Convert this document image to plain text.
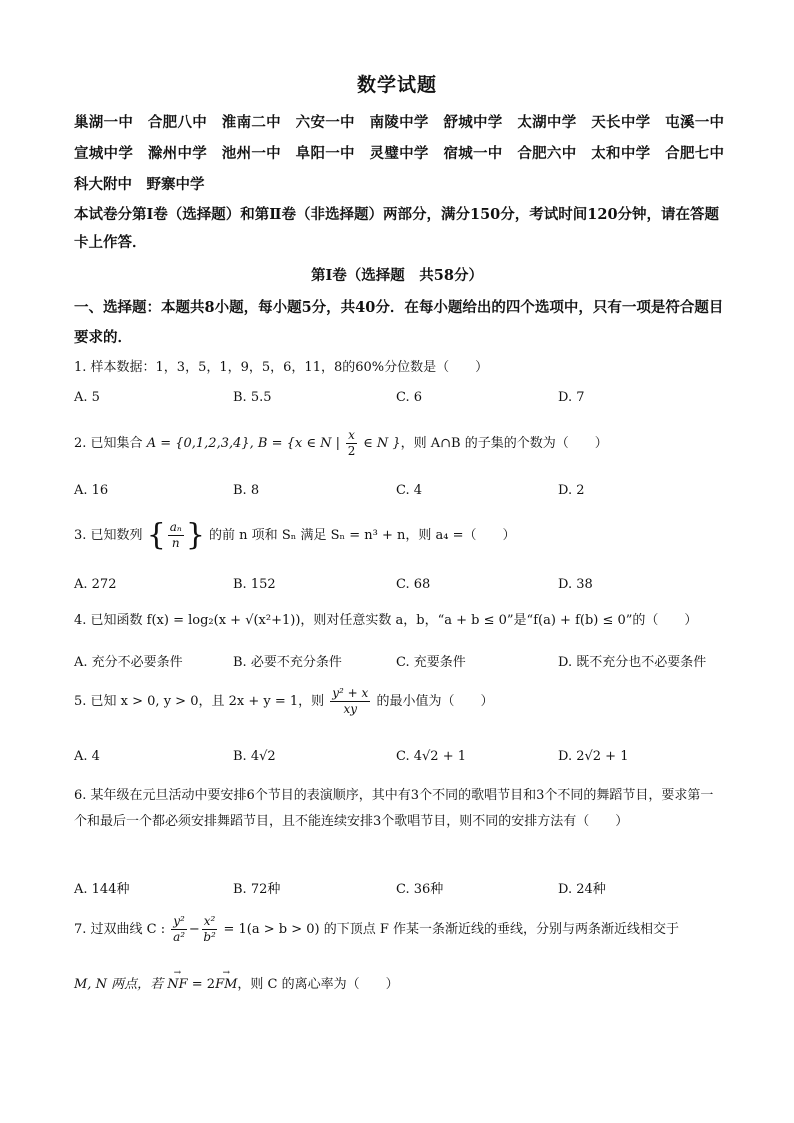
数学试题
巢湖一中　合肥八中　淮南二中　六安一中　南陵中学　舒城中学　太湖中学　天长中学　屯溪一中　宣城中学　滁州中学　池州一中　阜阳一中　灵璧中学　宿城一中　合肥六中　太和中学　合肥七中　科大附中　野寨中学
本试卷分第Ⅰ卷（选择题）和第Ⅱ卷（非选择题）两部分，满分150分，考试时间120分钟，请在答题卡上作答．
第Ⅰ卷（选择题　共58分）
一、选择题：本题共8小题，每小题5分，共40分．在每小题给出的四个选项中，只有一项是符合题目要求的．
1. 样本数据：1，3，5，1，9，5，6，11，8的60%分位数是（　　）
A. 5	B. 5.5	C. 6	D. 7
2. 已知集合 A = {0,1,2,3,4}, B = {x ∈ N | $\frac{x}{2}$ ∈ N }，则 A∩B 的子集的个数为（　　）
A. 16	B. 8	C. 4	D. 2
3. 已知数列 { $\frac{\text{aₙ}}{n}$ } 的前 n 项和 Sₙ 满足 Sₙ = n³ + n，则 a₄ =（　　）
A. 272	B. 152	C. 68	D. 38
4. 已知函数 f(x) = log₂(x + √(x²+1))，则对任意实数 a，b，“a + b ≤ 0”是“f(a) + f(b) ≤ 0”的（　　）
A. 充分不必要条件	B. 必要不充分条件	C. 充要条件	D. 既不充分也不必要条件
5. 已知 x > 0, y > 0，且 2x + y = 1，则 $\frac{\text{y² + x}}{xy}$ 的最小值为（　　）
A. 4	B. 4√2	C. 4√2 + 1	D. 2√2 + 1
6. 某年级在元旦活动中要安排6个节目的表演顺序，其中有3个不同的歌唱节目和3个不同的舞蹈节目，要求第一个和最后一个都必须安排舞蹈节目，且不能连续安排3个歌唱节目，则不同的安排方法有（　　）
A. 144种	B. 72种	C. 36种	D. 24种
7. 过双曲线 C : $\frac{\text{y²}}{\text{a²}} - \frac{\text{x²}}{\text{b²}} = 1(a > b > 0)$ 的下顶点 F 作某一条渐近线的垂线，分别与两条渐近线相交于
M, N 两点，若 → NF = 2→ FM，则 C 的离心率为（　　）
